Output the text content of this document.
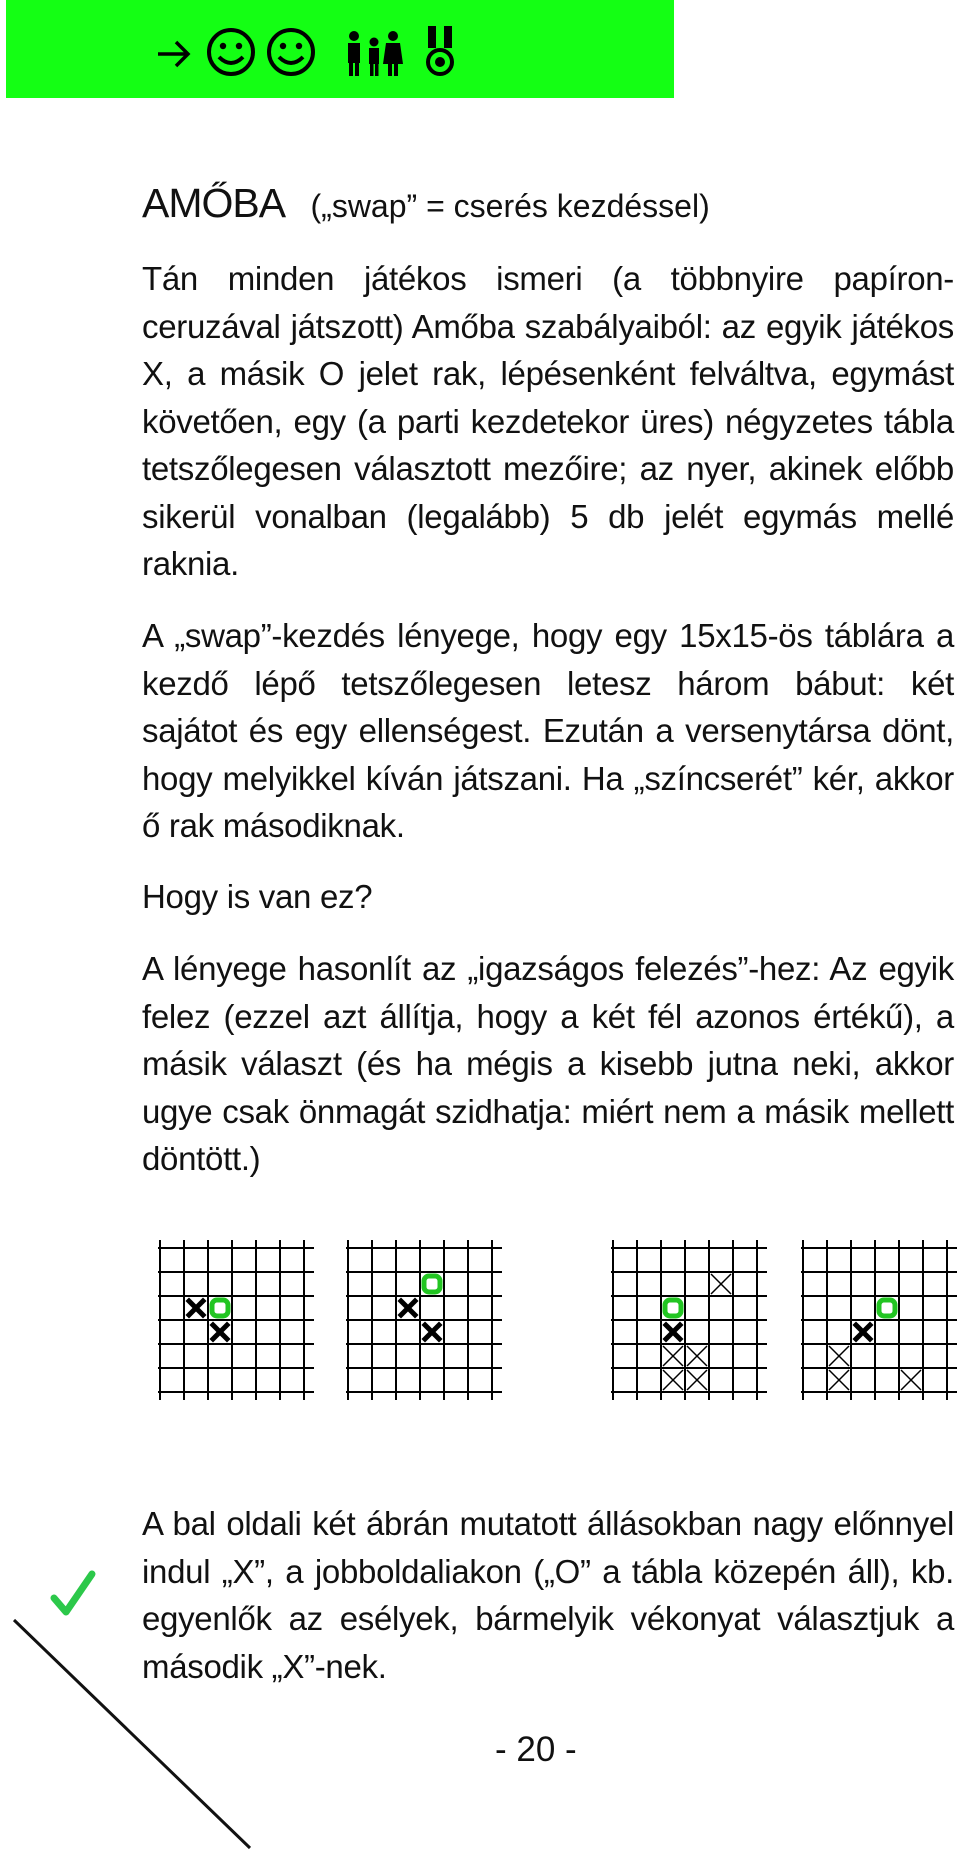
AMŐBA („swap” = cserés kezdéssel)
Tán minden játékos ismeri (a többnyire papíron-ceruzával játszott) Amőba szabályaiból: az egyik játékos X, a másik O jelet rak, lépésenként felváltva, egymást követően, egy (a parti kezdetekor üres) négyzetes tábla tetszőlegesen választott mezőire; az nyer, akinek előbb sikerül vonalban (legalább) 5 db jelét egymás mellé raknia.
A „swap”-kezdés lényege, hogy egy 15x15-ös táblára a kezdő lépő tetszőlegesen letesz három bábut: két sajátot és egy ellenségest. Ezután a versenytársa dönt, hogy melyikkel kíván játszani. Ha „színcserét” kér, akkor ő rak másodiknak.
Hogy is van ez?
A lényege hasonlít az „igazságos felezés”-hez: Az egyik felez (ezzel azt állítja, hogy a két fél azonos értékű), a másik választ (és ha mégis a kisebb jutna neki, akkor ugye csak önmagát szidhatja: miért nem a másik mellett döntött.)
A bal oldali két ábrán mutatott állásokban nagy előnnyel indul „X”, a jobboldaliakon („O” a tábla közepén áll), kb. egyenlők az esélyek, bármelyik vékonyat választjuk a második „X”-nek.
- 20 -
